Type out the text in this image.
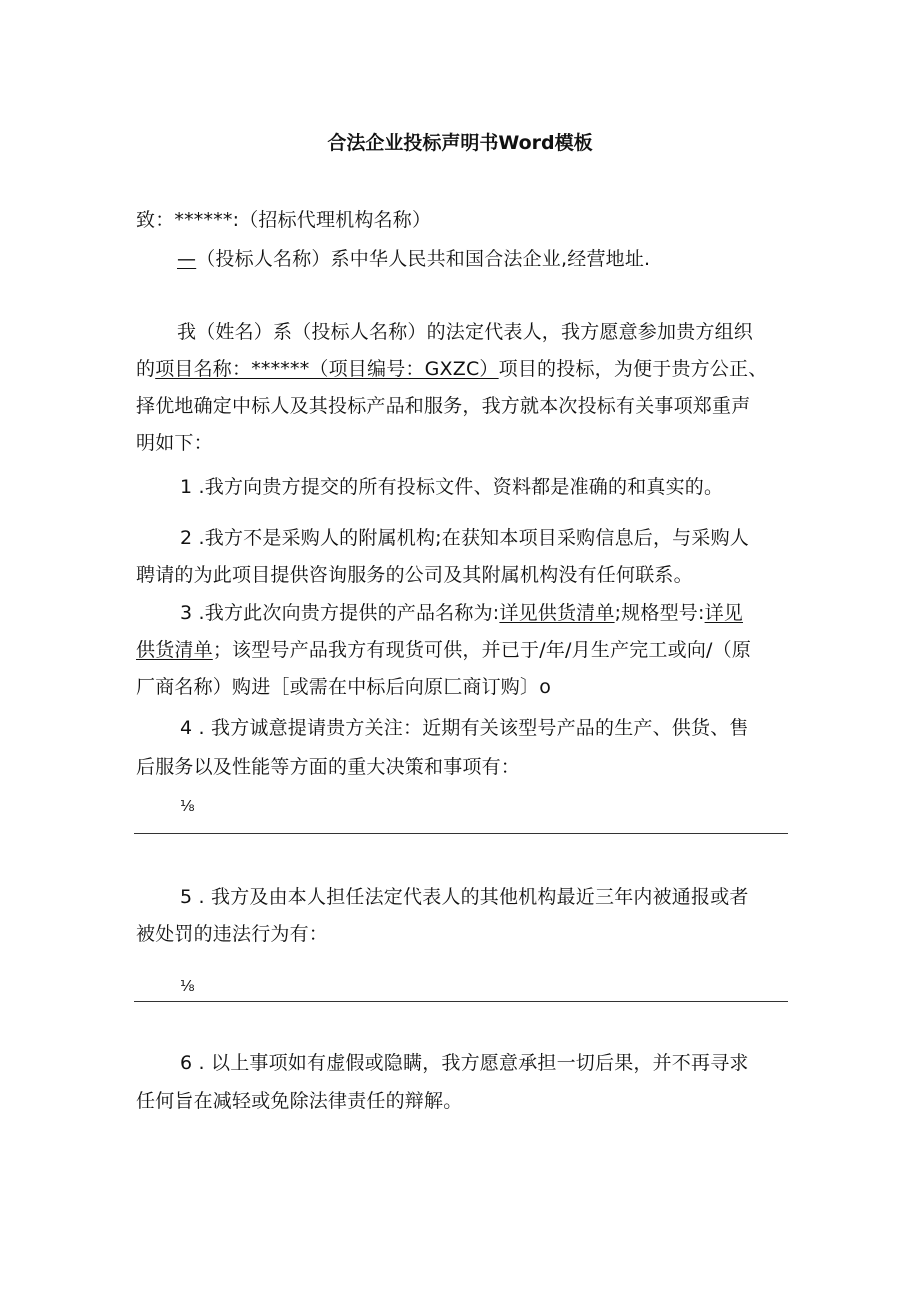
合法企业投标声明书Word模板
致：******:（招标代理机构名称）
—（投标人名称）系中华人民共和国合法企业,经营地址.
我（姓名）系（投标人名称）的法定代表人，我方愿意参加贵方组织
的项目名称：******（项目编号：GXZC）项目的投标，为便于贵方公正、
择优地确定中标人及其投标产品和服务，我方就本次投标有关事项郑重声
明如下：
1 .我方向贵方提交的所有投标文件、资料都是准确的和真实的。
2 .我方不是采购人的附属机构;在获知本项目采购信息后，与采购人
聘请的为此项目提供咨询服务的公司及其附属机构没有任何联系。
3 .我方此次向贵方提供的产品名称为:详见供货清单;规格型号:详见
供货清单；该型号产品我方有现货可供，并已于/年/月生产完工或向/（原
厂商名称）购进［或需在中标后向原匚商订购〕o
4 . 我方诚意提请贵方关注：近期有关该型号产品的生产、供货、售
后服务以及性能等方面的重大决策和事项有：
⅛
5 . 我方及由本人担任法定代表人的其他机构最近三年内被通报或者
被处罚的违法行为有：
⅛
6 . 以上事项如有虚假或隐瞒，我方愿意承担一切后果，并不再寻求
任何旨在减轻或免除法律责任的辩解。
